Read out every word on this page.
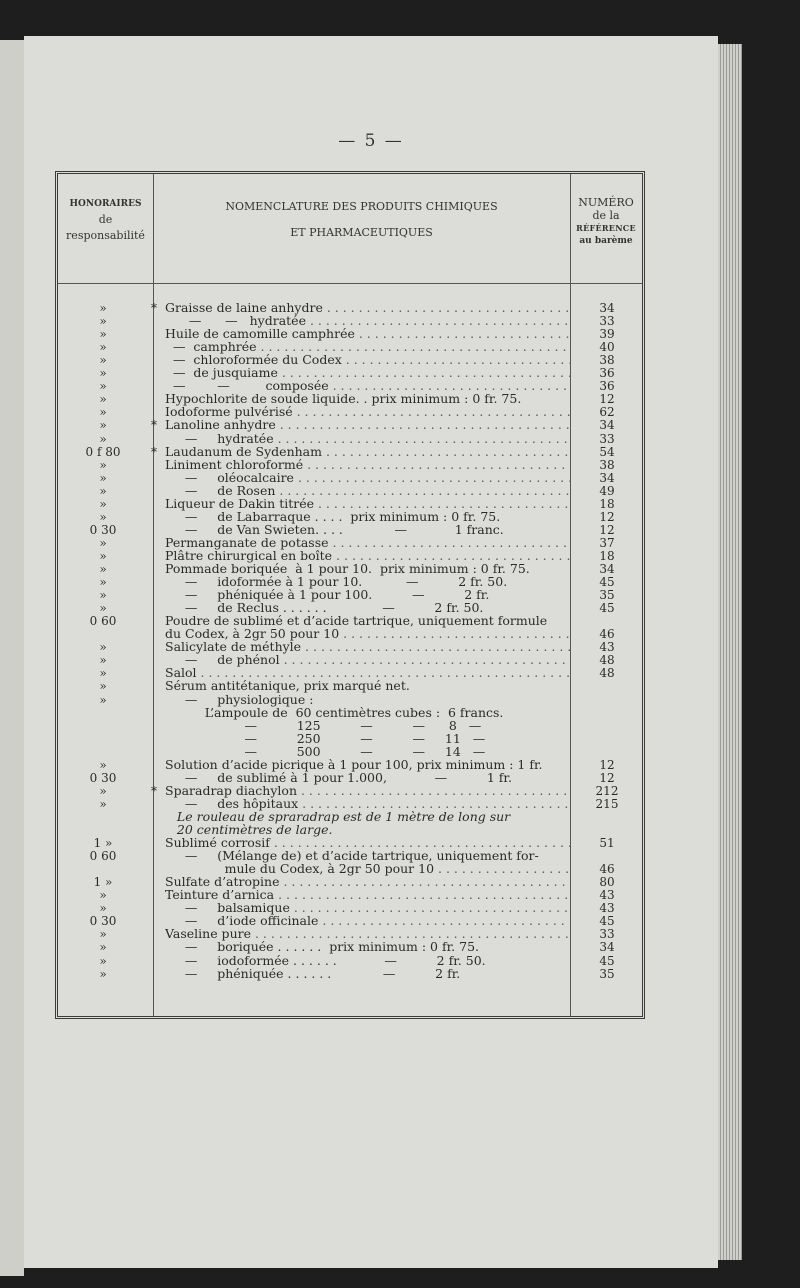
— 5 —
HONORAIRES
de
responsabilité
NOMENCLATURE DES PRODUITS CHIMIQUES
ET PHARMACEUTIQUES
NUMÉRO
de la
RÉFÉRENCE
au barème
»	* Graisse de laine anhydre . . .	34
»	—      —   hydratée . . .	33
»	Huile de camomille camphrée . . .	39
»	—  camphrée . . .	40
»	—  chloroformée du Codex . . .	38
»	—  de jusquiame . . .	36
»	—        —         composée . . .	36
»	Hypochlorite de soude liquide. . prix minimum : 0 fr. 75.	12
»	Iodoforme pulvérisé . . .	62
»	* Lanoline anhydre . . .	34
»	—     hydratée . . .	33
0 f 80	* Laudanum de Sydenham . . .	54
»	Liniment chloroformé . . .	38
»	—     oléocalcaire . . .	34
»	—     de Rosen . . .	49
»	Liqueur de Dakin titrée . . .	18
»	—     de Labarraque . . . .  prix minimum : 0 fr. 75.	12
0 30	—     de Van Swieten. . . .             —            1 franc.	12
»	Permanganate de potasse . . .	37
»	Plâtre chirurgical en boîte . . .	18
»	Pommade boriquée  à 1 pour 10.  prix minimum : 0 fr. 75.	34
»	—     idoformée à 1 pour 10.           —          2 fr. 50.	45
»	—     phéniquée à 1 pour 100.          —          2 fr.	35
»	—     de Reclus . . . . . .              —          2 fr. 50.	45
0 60	Poudre de sublimé et d’acide tartrique, uniquement formule
du Codex, à 2gr 50 pour 10 . . .	46
»	Salicylate de méthyle . . .	43
»	—     de phénol . . .	48
»	Salol . . .	48
»	Sérum antitétanique, prix marqué net.
»	—     physiologique :
L’ampoule de  60 centimètres cubes :  6 francs.
—          125          —          —      8   —
—          250          —          —     11   —
—          500          —          —     14   —
»	Solution d’acide picrique à 1 pour 100, prix minimum : 1 fr.	12
0 30	—     de sublimé à 1 pour 1.000,            —          1 fr.	12
»	* Sparadrap diachylon . . .	212
»	—     des hôpitaux . . .	215
Le rouleau de spraradrap est de 1 mètre de long sur
20 centimètres de large.
1 »	Sublimé corrosif . . .	51
0 60	—     (Mélange de) et d’acide tartrique, uniquement for-
mule du Codex, à 2gr 50 pour 10 . . .	46
1 »	Sulfate d’atropine . . .	80
»	Teinture d’arnica . . .	43
»	—     balsamique . . .	43
0 30	—     d’iode officinale . . .	45
»	Vaseline pure . . .	33
»	—     boriquée . . . . . .  prix minimum : 0 fr. 75.	34
»	—     iodoformée . . . . . .            —          2 fr. 50.	45
»	—     phéniquée . . . . . .             —          2 fr.	35
